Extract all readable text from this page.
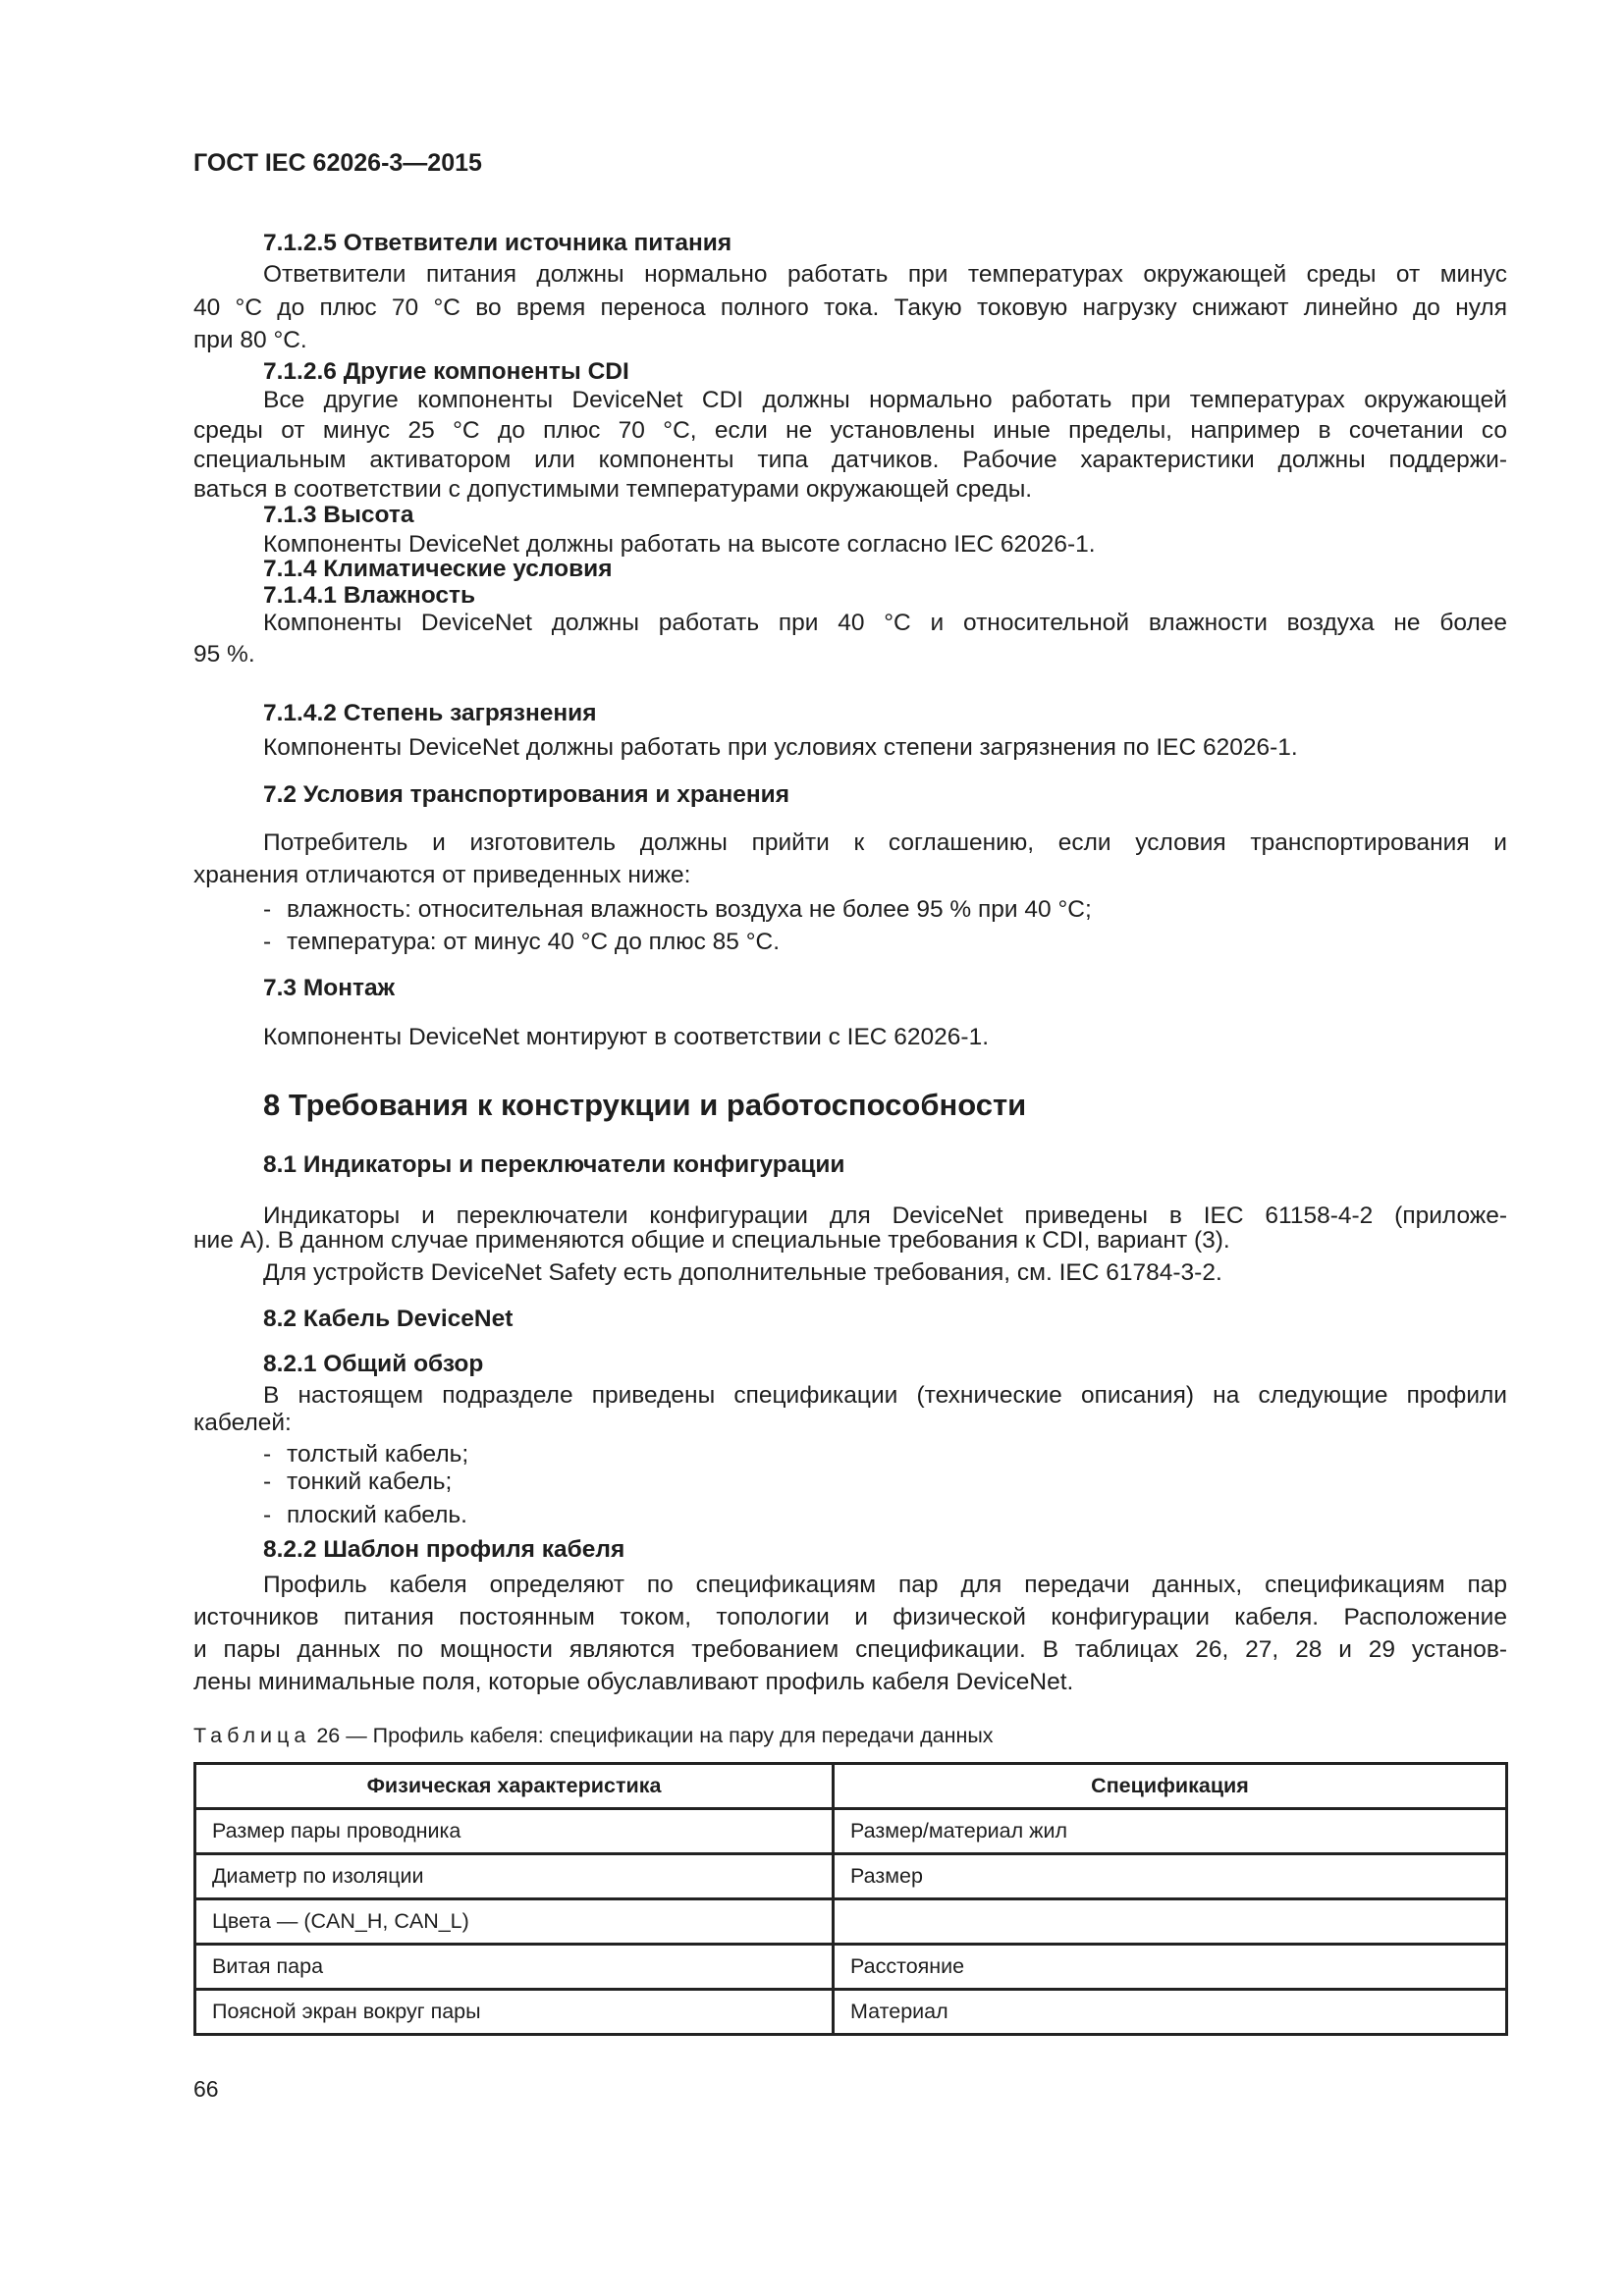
ГОСТ IEC 62026-3—2015
7.1.2.5 Ответвители источника питания
Ответвители питания должны нормально работать при температурах окружающей среды от минус
40 °C до плюс 70 °C во время переноса полного тока. Такую токовую нагрузку снижают линейно до нуля
при 80 °C.
7.1.2.6 Другие компоненты CDI
Все другие компоненты DeviceNet CDI должны нормально работать при температурах окружающей
среды от минус 25 °C до плюс 70 °C, если не установлены иные пределы, например в сочетании со
специальным активатором или компоненты типа датчиков. Рабочие характеристики должны поддержи-
ваться в соответствии с допустимыми температурами окружающей среды.
7.1.3 Высота
Компоненты DeviceNet должны работать на высоте согласно IEC 62026-1.
7.1.4 Климатические условия
7.1.4.1 Влажность
Компоненты DeviceNet должны работать при 40 °C и относительной влажности воздуха не более
95 %.
7.1.4.2 Степень загрязнения
Компоненты DeviceNet должны работать при условиях степени загрязнения по IEC 62026-1.
7.2 Условия транспортирования и хранения
Потребитель и изготовитель должны прийти к соглашению, если условия транспортирования и
хранения отличаются от приведенных ниже:
- влажность: относительная влажность воздуха не более 95 % при 40 °C;
- температура: от минус 40 °C до плюс 85 °C.
7.3 Монтаж
Компоненты DeviceNet монтируют в соответствии с IEC 62026-1.
8 Требования к конструкции и работоспособности
8.1 Индикаторы и переключатели конфигурации
Индикаторы и переключатели конфигурации для DeviceNet приведены в IEC 61158-4-2 (приложе-
ние А). В данном случае применяются общие и специальные требования к CDI, вариант (3).
Для устройств DeviceNet Safety есть дополнительные требования, см. IEC 61784-3-2.
8.2 Кабель DeviceNet
8.2.1 Общий обзор
В настоящем подразделе приведены спецификации (технические описания) на следующие профили
кабелей:
- толстый кабель;
- тонкий кабель;
- плоский кабель.
8.2.2 Шаблон профиля кабеля
Профиль кабеля определяют по спецификациям пар для передачи данных, спецификациям пар
источников питания постоянным током, топологии и физической конфигурации кабеля. Расположение
и пары данных по мощности являются требованием спецификации. В таблицах 26, 27, 28 и 29 установ-
лены минимальные поля, которые обуславливают профиль кабеля DeviceNet.
Таблица 26 — Профиль кабеля: спецификации на пару для передачи данных
Физическая характеристика	Спецификация
Размер пары проводника	Размер/материал жил
Диаметр по изоляции	Размер
Цвета — (CAN_H, CAN_L)	
Витая пара	Расстояние
Поясной экран вокруг пары	Материал
66
